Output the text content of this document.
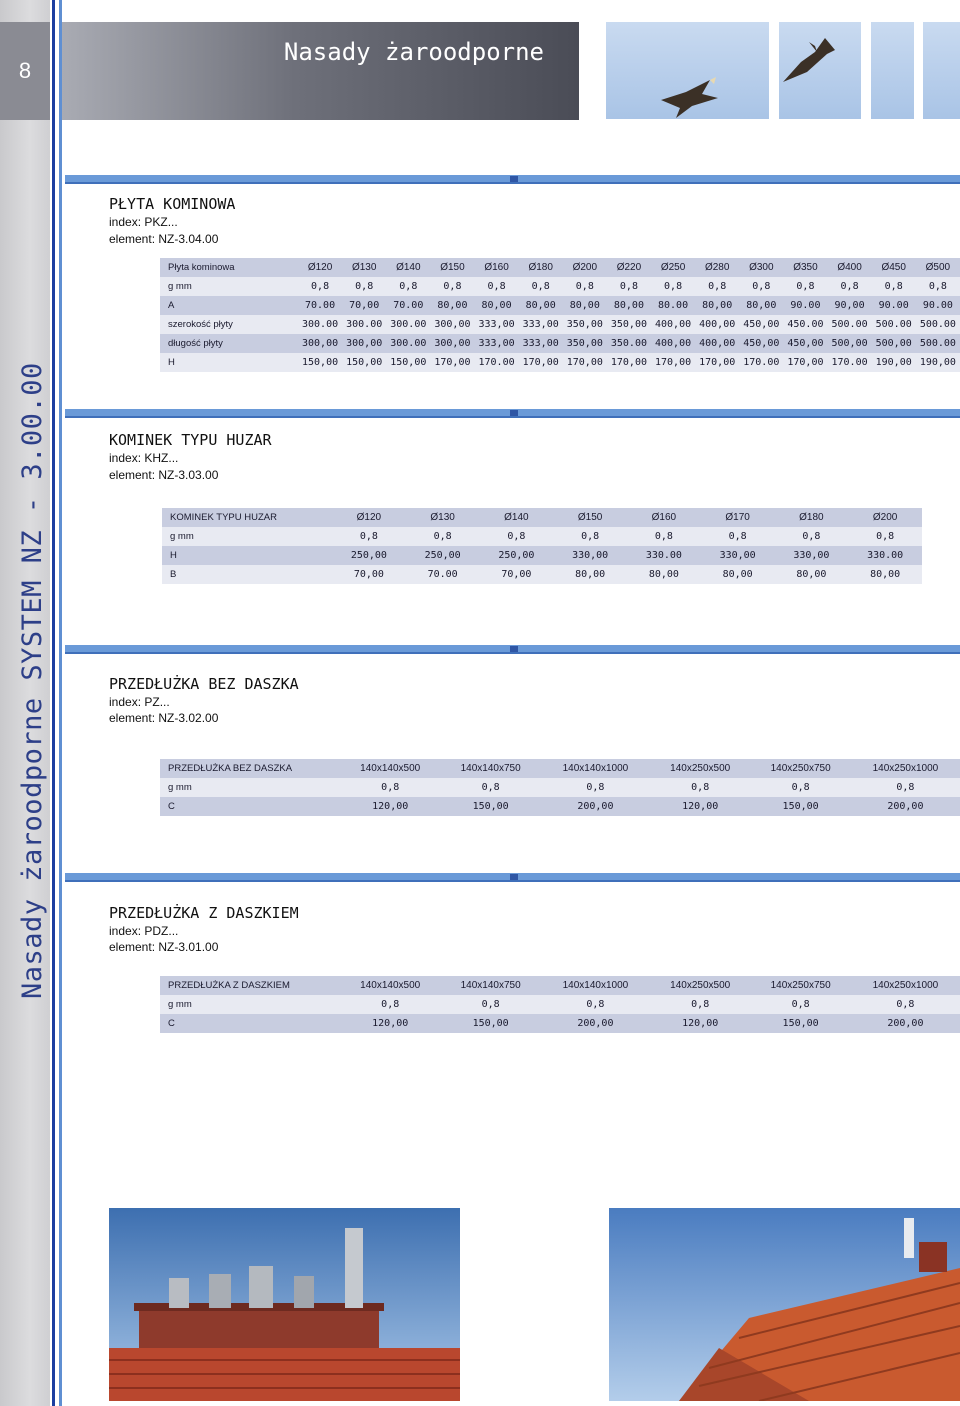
8
Nasady żaroodporne SYSTEM NZ - 3.00.00
Nasady żaroodporne
PŁYTA KOMINOWA
index: PKZ...
element: NZ-3.04.00
Płyta kominowa	Ø120	Ø130	Ø140	Ø150	Ø160	Ø180	Ø200	Ø220	Ø250	Ø280	Ø300	Ø350	Ø400	Ø450	Ø500
g mm	0,8	0,8	0,8	0,8	0,8	0,8	0,8	0,8	0,8	0,8	0,8	0,8	0,8	0,8	0,8
A	70.00	70,00	70.00	80,00	80,00	80,00	80,00	80,00	80.00	80,00	80,00	90.00	90,00	90.00	90.00
szerokość płyty	300.00	300.00	300.00	300,00	333,00	333,00	350,00	350,00	400,00	400,00	450,00	450.00	500.00	500.00	500.00
długość płyty	300,00	300,00	300.00	300,00	333,00	333,00	350,00	350.00	400,00	400,00	450,00	450,00	500,00	500,00	500.00
H	150,00	150,00	150,00	170,00	170.00	170,00	170,00	170,00	170,00	170,00	170.00	170,00	170.00	190,00	190,00
KOMINEK TYPU HUZAR
index: KHZ...
element: NZ-3.03.00
KOMINEK TYPU HUZAR	Ø120	Ø130	Ø140	Ø150	Ø160	Ø170	Ø180	Ø200
g mm	0,8	0,8	0,8	0,8	0,8	0,8	0,8	0,8
H	250,00	250,00	250,00	330,00	330.00	330,00	330,00	330.00
B	70,00	70.00	70,00	80,00	80,00	80,00	80,00	80,00
PRZEDŁUŻKA BEZ DASZKA
index: PZ...
element: NZ-3.02.00
PRZEDŁUŻKA BEZ DASZKA	140x140x500	140x140x750	140x140x1000	140x250x500	140x250x750	140x250x1000
g mm	0,8	0,8	0,8	0,8	0,8	0,8
C	120,00	150,00	200,00	120,00	150,00	200,00
PRZEDŁUŻKA Z DASZKIEM
index: PDZ...
element: NZ-3.01.00
PRZEDŁUŻKA Z DASZKIEM	140x140x500	140x140x750	140x140x1000	140x250x500	140x250x750	140x250x1000
g mm	0,8	0,8	0,8	0,8	0,8	0,8
C	120,00	150,00	200,00	120,00	150,00	200,00
